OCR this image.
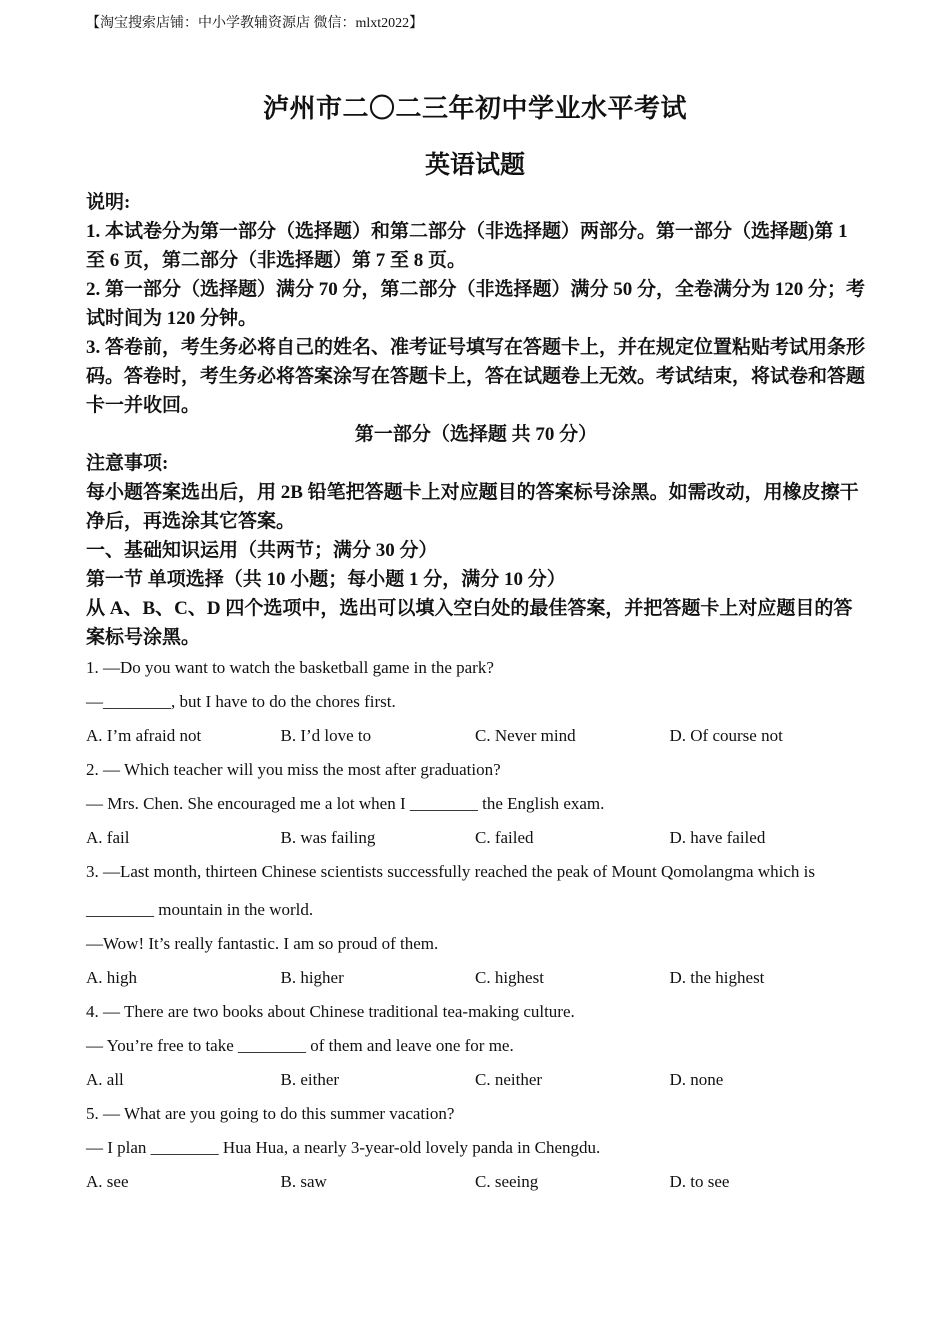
【淘宝搜索店铺：中小学教辅资源店 微信：mlxt2022】
泸州市二〇二三年初中学业水平考试
英语试题
说明:
1. 本试卷分为第一部分（选择题）和第二部分（非选择题）两部分。第一部分（选择题)第 1 至 6 页，第二部分（非选择题）第 7 至 8 页。
2. 第一部分（选择题）满分 70 分，第二部分（非选择题）满分 50 分，全卷满分为 120 分；考试时间为 120 分钟。
3. 答卷前，考生务必将自己的姓名、准考证号填写在答题卡上，并在规定位置粘贴考试用条形码。答卷时，考生务必将答案涂写在答题卡上，答在试题卷上无效。考试结束，将试卷和答题卡一并收回。
第一部分（选择题 共 70 分）
注意事项:
每小题答案选出后，用 2B 铅笔把答题卡上对应题目的答案标号涂黑。如需改动，用橡皮擦干净后，再选涂其它答案。
一、基础知识运用（共两节；满分 30 分）
第一节 单项选择（共 10 小题；每小题 1 分，满分 10 分）
从 A、B、C、D 四个选项中，选出可以填入空白处的最佳答案，并把答题卡上对应题目的答案标号涂黑。
1. —Do you want to watch the basketball game in the park?
—________, but I have to do the chores first.
A. I’m afraid not	B. I’d love to	C. Never mind	D. Of course not
2. — Which teacher will you miss the most after graduation?
— Mrs. Chen. She encouraged me a lot when I ________ the English exam.
A. fail	B. was failing	C. failed	D. have failed
3. —Last month, thirteen Chinese scientists successfully reached the peak of Mount Qomolangma which is
________ mountain in the world.
—Wow! It’s really fantastic. I am so proud of them.
A. high	B. higher	C. highest	D. the highest
4. — There are two books about Chinese traditional tea-making culture.
— You’re free to take ________ of them and leave one for me.
A. all	B. either	C. neither	D. none
5. — What are you going to do this summer vacation?
— I plan ________ Hua Hua, a nearly 3-year-old lovely panda in Chengdu.
A. see	B. saw	C. seeing	D. to see
